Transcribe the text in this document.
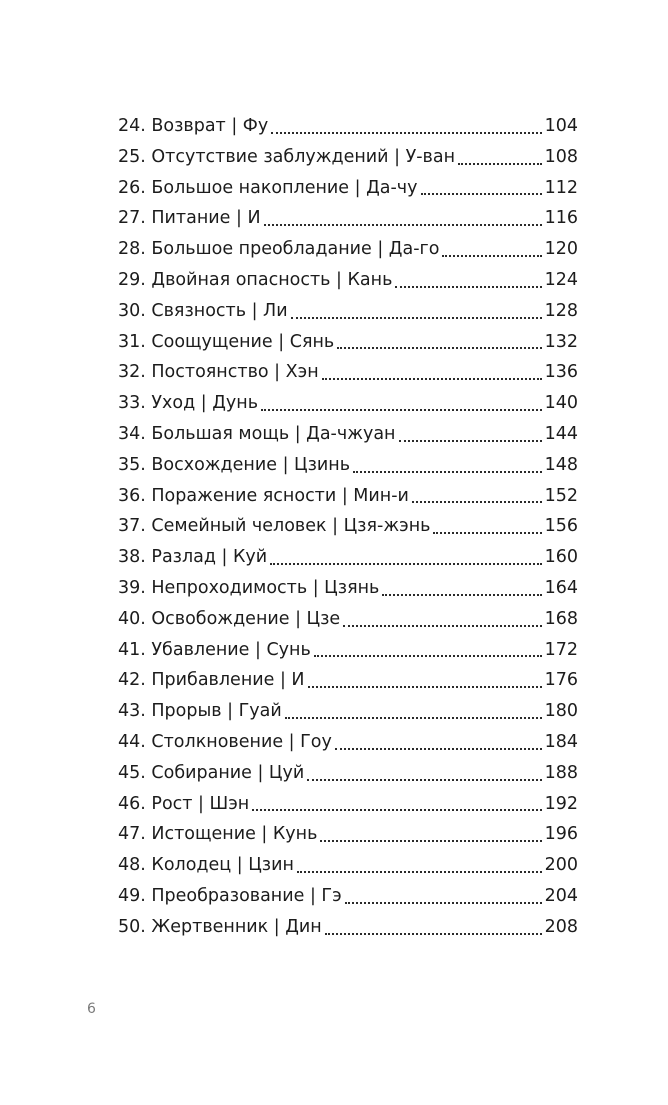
24. Возврат | Фу	104
25. Отсутствие заблуждений | У-ван	108
26. Большое накопление | Да-чу	112
27. Питание | И	116
28. Большое преобладание | Да-го	120
29. Двойная опасность | Кань	124
30. Связность | Ли	128
31. Соощущение | Сянь	132
32. Постоянство | Хэн	136
33. Уход | Дунь	140
34. Большая мощь | Да-чжуан	144
35. Восхождение | Цзинь	148
36. Поражение ясности | Мин-и	152
37. Семейный человек | Цзя-жэнь	156
38. Разлад | Куй	160
39. Непроходимость | Цзянь	164
40. Освобождение | Цзе	168
41. Убавление | Сунь	172
42. Прибавление | И	176
43. Прорыв | Гуай	180
44. Столкновение | Гоу	184
45. Собирание | Цуй	188
46. Рост | Шэн	192
47. Истощение | Кунь	196
48. Колодец | Цзин	200
49. Преобразование | Гэ	204
50. Жертвенник | Дин	208
6
